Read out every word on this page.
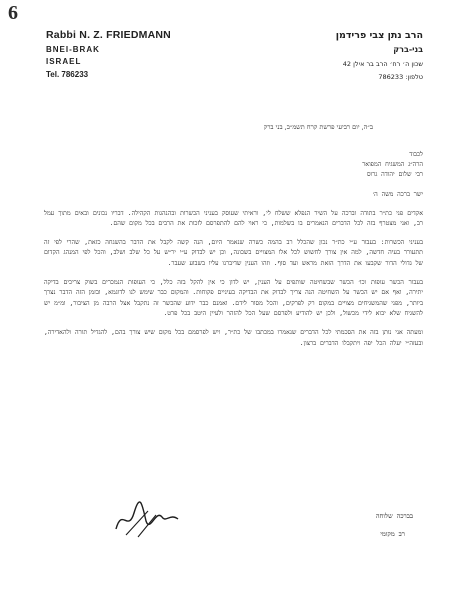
6
Rabbi N. Z. FRIEDMANN
BNEI-BRAK
ISRAEL
Tel. 786233
הרב נתן צבי פרידמן
בני-ברק
שכון ה׳ רח׳ הרב בר אילן 42
טלפון: 786233
ב״ה, יום רביעי פרשת קרח תשמ״ב, בני ברק

לכבוד

הרה״ג המשגיח המפואר

רבי שלום יהודה גרוס

ישר ברכה משה ה׳

אקדים פני כת״ר בתודה וברכה על השיר הנפלא ששלח לי, וראיתי שעוסק בעניני הכשרות ובהנהגות הקהילה. דבריו נכונים ובאים מתוך עמל רב, ואני מצטרף בזה לכל הדברים הנאמרים בו בשלמות, כי ראוי להם להתפרסם לזכות את הרבים בכל מקום שהם.

בעניני הכשרות: בעבור ע״י כת״ר נכון שהכלל רב בהמה כשרה שנאמר היום, הנה קשה לקבל את הדבר בהשגחה כזאת, שהרי לפי זה תתעורר בעיה חדשה, למה אין צורך לחשוש לכל אלו המצויים בשכונה, וכן יש לבדוק ע״י יר״ש על כל שלב ושלב, והכל לפי המנהג הקדום של גדולי הדור שקבעו את הדרך הזאת מראש ועד סוף. וזהו הענין שדיברנו עליו בשבוע שעבר.

בעבור הכשר עופות וכו׳ הכשר שבשחיטה שותפים על הענין, יש לדון כי אין להקל בזה כלל, כי העופות הנמכרים בשוק צריכים בדיקה יתירה, ואף אם יש הכשר על השחיטה הנה צריך לבדוק את הבדיקה בעיניים פקוחות. והמקום כבר שימש לנו לדוגמא, ובזמן הזה הדבר נצרך ביותר, מפני שהמשגיחים מצויים במקום רק לפרקים, והכל מסור לידם. ואמנם כבר ידוע שהכשר זה נתקבל אצל הרבה מן הציבור, ומ״מ יש להשגיח שלא יבוא לידי מכשול, ולכן יש להודיע ולפרסם שעל הכל להזהר ולעיין היטב בכל פרט.

ומעתה אני נותן בזה את הסכמתי לכל הדברים שנאמרו במכתבו של כת״ר, ויש לפרסמם בכל מקום שיש צורך בהם, להגדיל תורה ולהאדירה, ובעזה״י יעלה הכל יפה ויתקבלו הדברים ברצון.

בברכה שלוחה
רב מקומי
